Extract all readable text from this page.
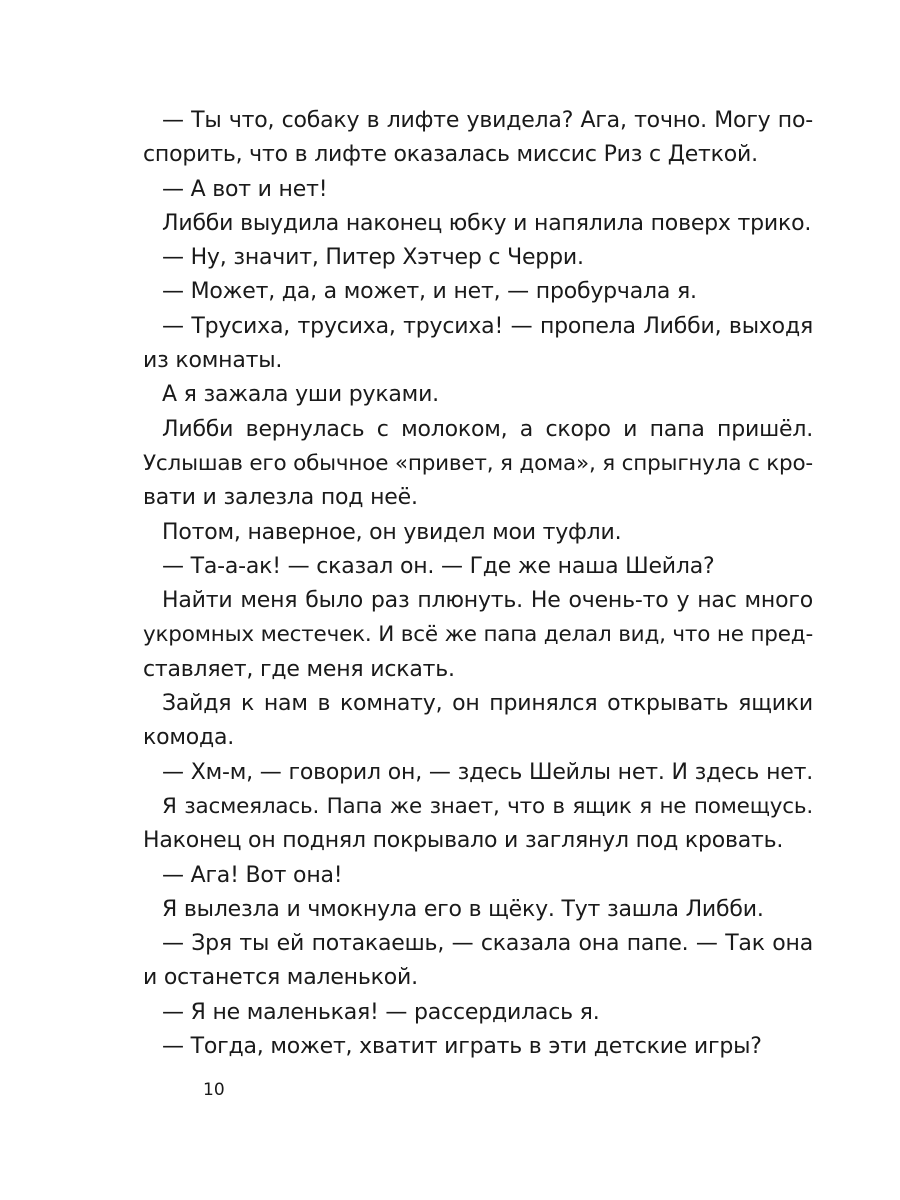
— Ты что, собаку в лифте увидела? Ага, точно. Могу по-
спорить, что в лифте оказалась миссис Риз с Деткой.
— А вот и нет!
Либби выудила наконец юбку и напялила поверх трико.
— Ну, значит, Питер Хэтчер с Черри.
— Может, да, а может, и нет, — пробурчала я.
— Трусиха, трусиха, трусиха! — пропела Либби, выходя
из комнаты.
А я зажала уши руками.
Либби вернулась с молоком, а скоро и папа пришёл.
Услышав его обычное «привет, я дома», я спрыгнула с кро-
вати и залезла под неё.
Потом, наверное, он увидел мои туфли.
— Та-а-ак! — сказал он. — Где же наша Шейла?
Найти меня было раз плюнуть. Не очень-то у нас много
укромных местечек. И всё же папа делал вид, что не пред-
ставляет, где меня искать.
Зайдя к нам в комнату, он принялся открывать ящики
комода.
— Хм-м, — говорил он, — здесь Шейлы нет. И здесь нет.
Я засмеялась. Папа же знает, что в ящик я не помещусь.
Наконец он поднял покрывало и заглянул под кровать.
— Ага! Вот она!
Я вылезла и чмокнула его в щёку. Тут зашла Либби.
— Зря ты ей потакаешь, — сказала она папе. — Так она
и останется маленькой.
— Я не маленькая! — рассердилась я.
— Тогда, может, хватит играть в эти детские игры?
10
